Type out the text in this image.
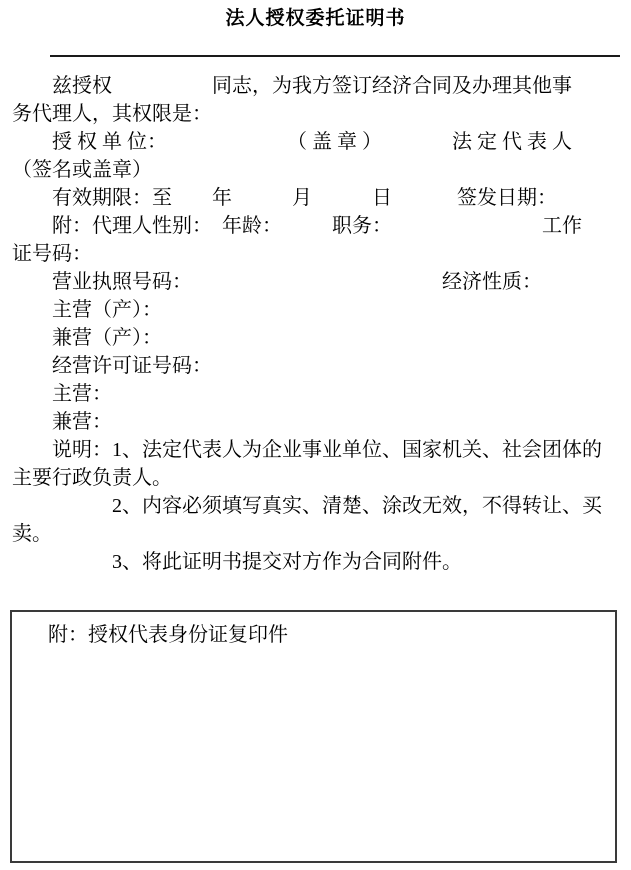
法人授权委托证明书
　　兹授权　　　　　同志，为我方签订经济合同及办理其他事
务代理人，其权限是：
　　授 权 单 位：　　　　　　　（ 盖 章 ）　　　　法 定 代 表 人
（签名或盖章）
　　有效期限：至　　年　　　月　　　日　　　 签发日期：
　　附：代理人性别：　年龄：　　　职务：　　　　　　　　工作
证号码：
　　营业执照号码：　　　　　　　　　　　　　经济性质：
　　主营（产）：
　　兼营（产）：
　　经营许可证号码：
　　主营：
　　兼营：
　　说明：1、法定代表人为企业事业单位、国家机关、社会团体的
主要行政负责人。
　　　　　2、内容必须填写真实、清楚、涂改无效，不得转让、买
卖。
　　　　　3、将此证明书提交对方作为合同附件。
附：授权代表身份证复印件
